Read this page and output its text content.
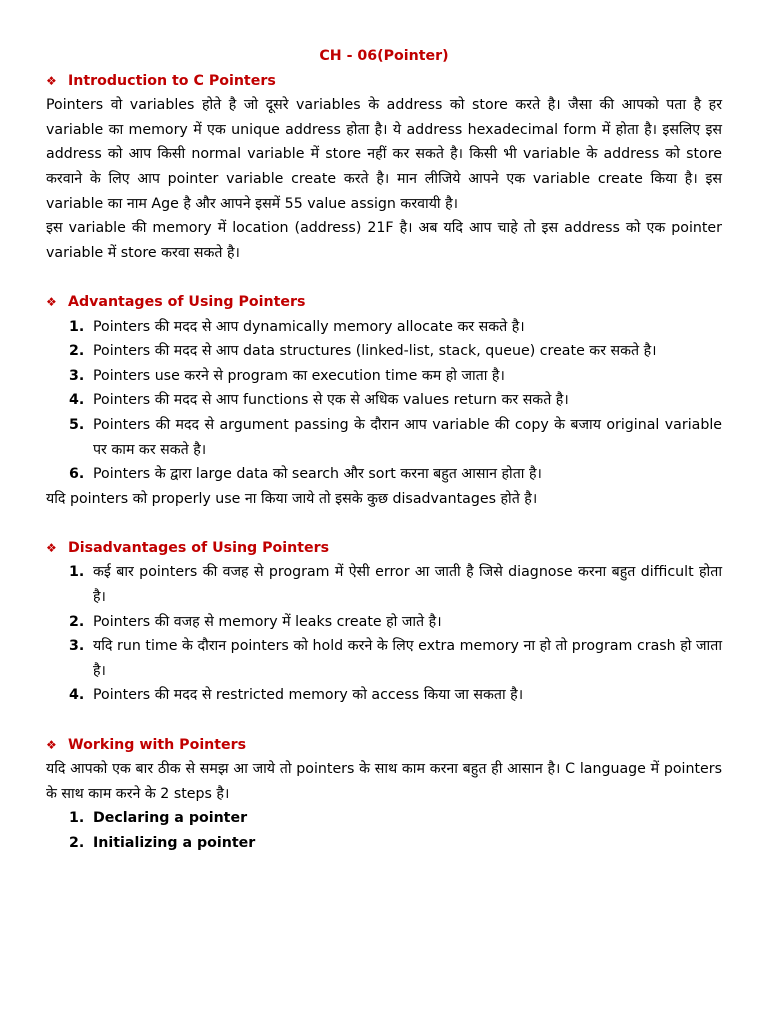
CH - 06(Pointer)
❖ Introduction to C Pointers

Pointers वो variables होते है जो दूसरे variables के address को store करते है। जैसा की आपको पता है हर variable का memory में एक unique address होता है। ये address hexadecimal form में होता है। इसलिए इस address को आप किसी normal variable में store नहीं कर सकते है। किसी भी variable के address को store करवाने के लिए आप pointer variable create करते है। मान लीजिये आपने एक variable create किया है। इस variable का नाम Age है और आपने इसमें 55 value assign करवायी है।

इस variable की memory में location (address) 21F है। अब यदि आप चाहे तो इस address को एक pointer variable में store करवा सकते है।

❖ Advantages of Using Pointers
1. Pointers की मदद से आप dynamically memory allocate कर सकते है।
2. Pointers की मदद से आप data structures (linked-list, stack, queue) create कर सकते है।
3. Pointers use करने से program का execution time कम हो जाता है।
4. Pointers की मदद से आप functions से एक से अधिक values return कर सकते है।
5. Pointers की मदद से argument passing के दौरान आप variable की copy के बजाय original variable पर काम कर सकते है।
6. Pointers के द्वारा large data को search और sort करना बहुत आसान होता है।

यदि pointers को properly use ना किया जाये तो इसके कुछ disadvantages होते है।

❖ Disadvantages of Using Pointers
1. कई बार pointers की वजह से program में ऐसी error आ जाती है जिसे diagnose करना बहुत difficult होता है।
2. Pointers की वजह से memory में leaks create हो जाते है।
3. यदि run time के दौरान pointers को hold करने के लिए extra memory ना हो तो program crash हो जाता है।
4. Pointers की मदद से restricted memory को access किया जा सकता है।
❖ Working with Pointers

यदि आपको एक बार ठीक से समझ आ जाये तो pointers के साथ काम करना बहुत ही आसान है। C language में pointers के साथ काम करने के 2 steps है।

1. Declaring a pointer
2. Initializing a pointer
